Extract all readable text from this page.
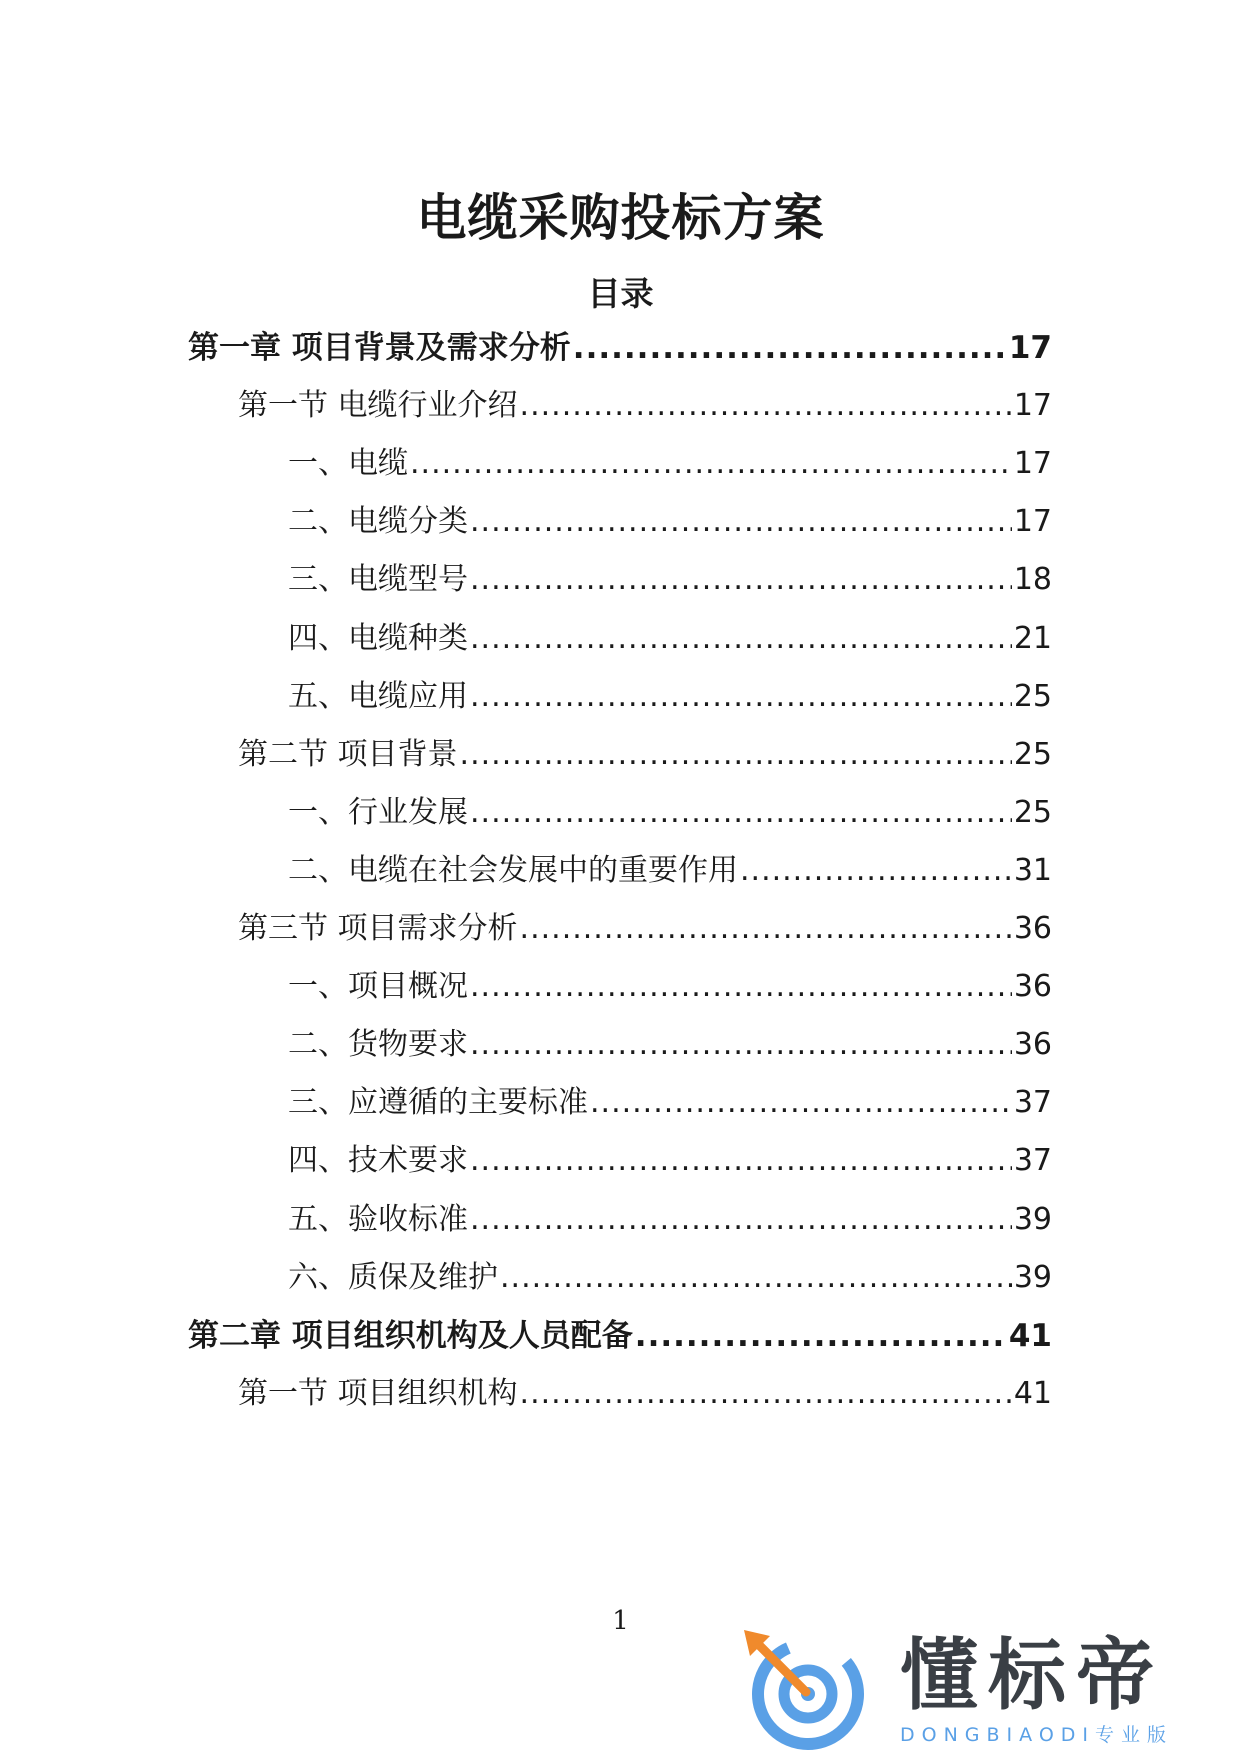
电缆采购投标方案
目录
第一章 项目背景及需求分析 .....	17
第一节 电缆行业介绍 .....	17
一、电缆 .....	17
二、电缆分类 .....	17
三、电缆型号 .....	18
四、电缆种类 .....	21
五、电缆应用 .....	25
第二节 项目背景 .....	25
一、行业发展 .....	25
二、电缆在社会发展中的重要作用 .....	31
第三节 项目需求分析 .....	36
一、项目概况 .....	36
二、货物要求 .....	36
三、应遵循的主要标准 .....	37
四、技术要求 .....	37
五、验收标准 .....	39
六、质保及维护 .....	39
第二章 项目组织机构及人员配备 .....	41
第一节 项目组织机构 .....	41
1
懂标帝
DONGBIAODI专业版
